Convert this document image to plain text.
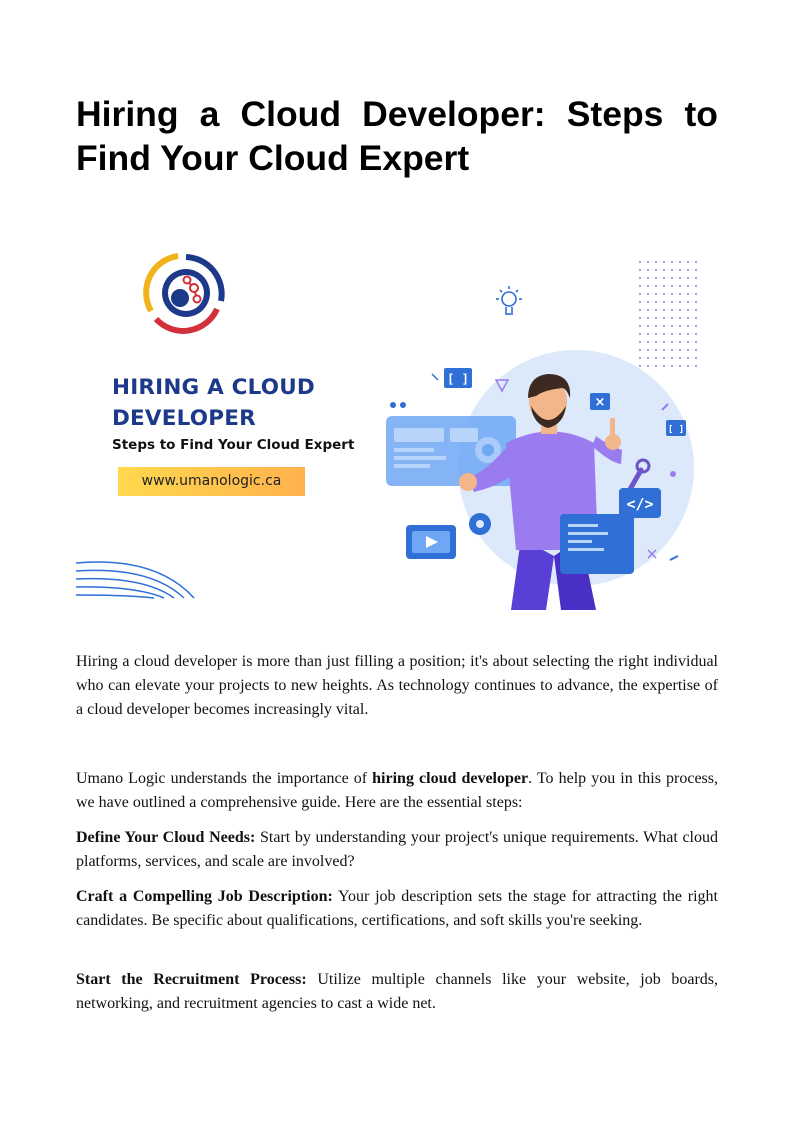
Hiring a Cloud Developer: Steps to Find Your Cloud Expert
[ ]
[ ]
×
</>
HIRING A CLOUD
DEVELOPER
Steps to Find Your Cloud Expert
www.umanologic.ca

Hiring a cloud developer is more than just filling a position; it's about selecting the right individual who can elevate your projects to new heights. As technology continues to advance, the expertise of a cloud developer becomes increasingly vital.

Umano Logic understands the importance of hiring cloud developer. To help you in this process, we have outlined a comprehensive guide. Here are the essential steps:

Define Your Cloud Needs: Start by understanding your project's unique requirements. What cloud platforms, services, and scale are involved?

Craft a Compelling Job Description: Your job description sets the stage for attracting the right candidates. Be specific about qualifications, certifications, and soft skills you're seeking.

Start the Recruitment Process: Utilize multiple channels like your website, job boards, networking, and recruitment agencies to cast a wide net.
